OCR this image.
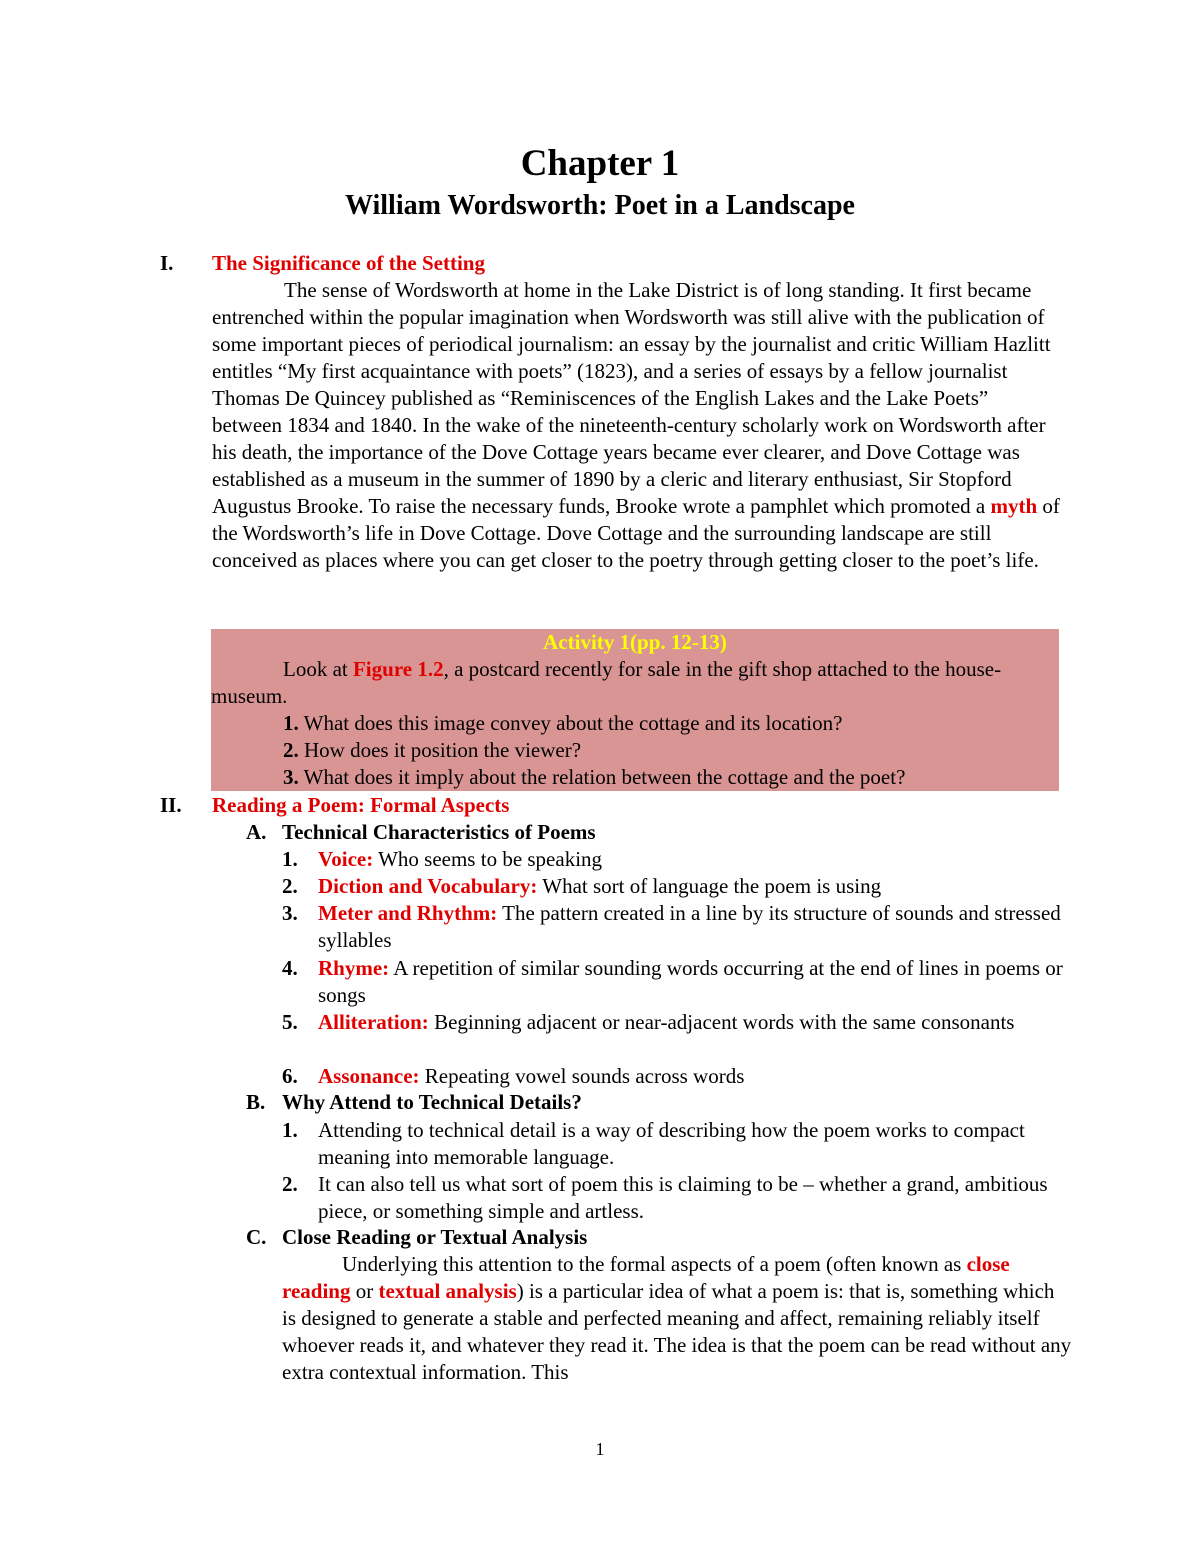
Chapter 1
William Wordsworth: Poet in a Landscape
I. The Significance of the Setting

The sense of Wordsworth at home in the Lake District is of long standing. It first became entrenched within the popular imagination when Wordsworth was still alive with the publication of some important pieces of periodical journalism: an essay by the journalist and critic William Hazlitt entitles “My first acquaintance with poets” (1823), and a series of essays by a fellow journalist Thomas De Quincey published as “Reminiscences of the English Lakes and the Lake Poets” between 1834 and 1840. In the wake of the nineteenth-century scholarly work on Wordsworth after his death, the importance of the Dove Cottage years became ever clearer, and Dove Cottage was established as a museum in the summer of 1890 by a cleric and literary enthusiast, Sir Stopford Augustus Brooke. To raise the necessary funds, Brooke wrote a pamphlet which promoted a myth of the Wordsworth’s life in Dove Cottage. Dove Cottage and the surrounding landscape are still conceived as places where you can get closer to the poetry through getting closer to the poet’s life.

Activity 1(pp. 12-13)

Look at Figure 1.2, a postcard recently for sale in the gift shop attached to the house-museum.

1. What does this image convey about the cottage and its location?
2. How does it position the viewer?
3. What does it imply about the relation between the cottage and the poet?
II. Reading a Poem: Formal Aspects
A. Technical Characteristics of Poems
1. Voice: Who seems to be speaking
2. Diction and Vocabulary: What sort of language the poem is using
3. Meter and Rhythm: The pattern created in a line by its structure of sounds and stressed syllables
4. Rhyme: A repetition of similar sounding words occurring at the end of lines in poems or songs
5. Alliteration: Beginning adjacent or near-adjacent words with the same consonants
6. Assonance: Repeating vowel sounds across words
B. Why Attend to Technical Details?
1. Attending to technical detail is a way of describing how the poem works to compact meaning into memorable language.
2. It can also tell us what sort of poem this is claiming to be – whether a grand, ambitious piece, or something simple and artless.
C. Close Reading or Textual Analysis

Underlying this attention to the formal aspects of a poem (often known as close reading or textual analysis) is a particular idea of what a poem is: that is, something which is designed to generate a stable and perfected meaning and affect, remaining reliably itself whoever reads it, and whatever they read it. The idea is that the poem can be read without any extra contextual information. This

1
